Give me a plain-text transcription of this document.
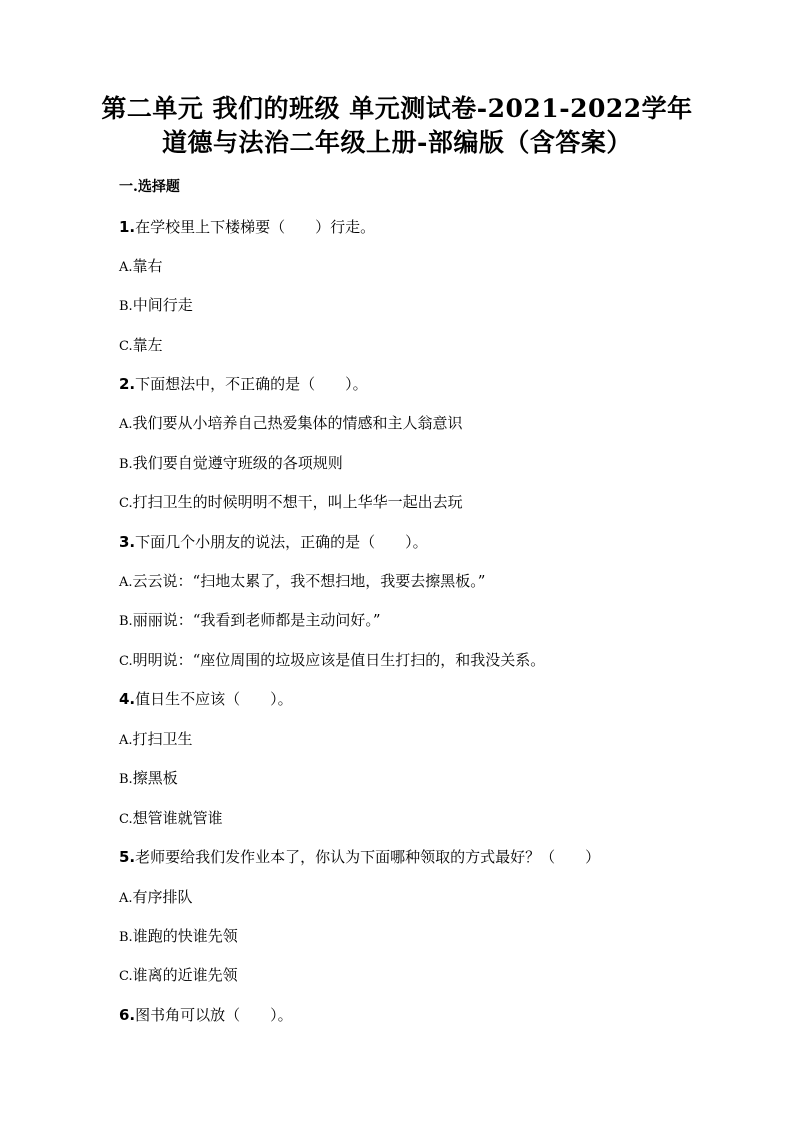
第二单元 我们的班级 单元测试卷-2021-2022学年
道德与法治二年级上册-部编版（含答案）
一.选择题
1.在学校里上下楼梯要（　　）行走。
A.靠右
B.中间行走
C.靠左
2.下面想法中，不正确的是（　　）。
A.我们要从小培养自己热爱集体的情感和主人翁意识
B.我们要自觉遵守班级的各项规则
C.打扫卫生的时候明明不想干，叫上华华一起出去玩
3.下面几个小朋友的说法，正确的是（　　）。
A.云云说：“扫地太累了，我不想扫地，我要去擦黑板。”
B.丽丽说：“我看到老师都是主动问好。”
C.明明说：“座位周围的垃圾应该是值日生打扫的，和我没关系。
4.值日生不应该（　　）。
A.打扫卫生
B.擦黑板
C.想管谁就管谁
5.老师要给我们发作业本了，你认为下面哪种领取的方式最好？（　　）
A.有序排队
B.谁跑的快谁先领
C.谁离的近谁先领
6.图书角可以放（　　）。
